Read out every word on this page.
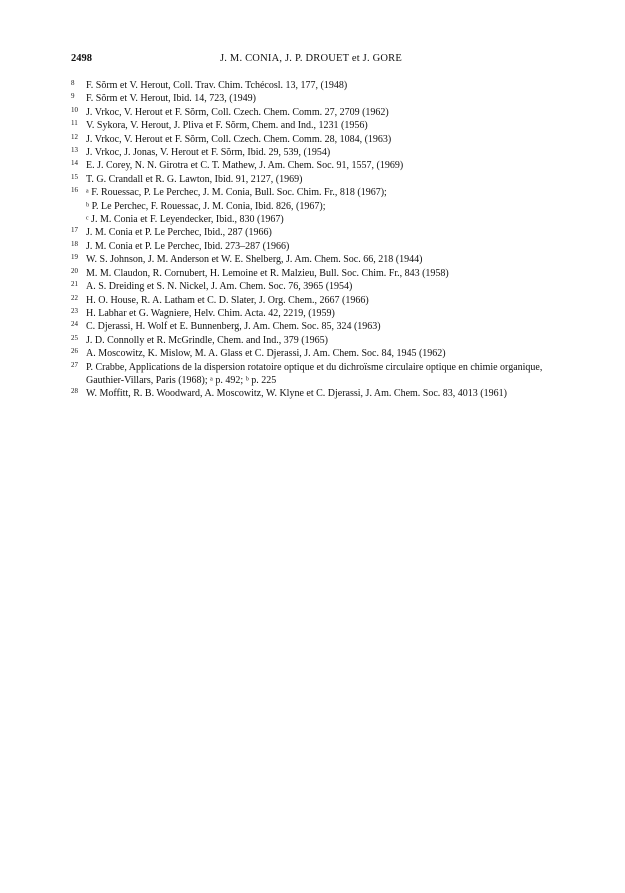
2498	J. M. CONIA, J. P. DROUET et J. GORE
8	F. Sŏrm et V. Herout, Coll. Trav. Chim. Tchécosl. 13, 177, (1948)
9	F. Sŏrm et V. Herout, Ibid. 14, 723, (1949)
10 J. Vrkoc, V. Herout et F. Sŏrm, Coll. Czech. Chem. Comm. 27, 2709 (1962)
11 V. Sykora, V. Herout, J. Pliva et F. Sŏrm, Chem. and Ind., 1231 (1956)
12 J. Vrkoc, V. Herout et F. Sŏrm, Coll. Czech. Chem. Comm. 28, 1084, (1963)
13 J. Vrkoc, J. Jonas, V. Herout et F. Sŏrm, Ibid. 29, 539, (1954)
14 E. J. Corey, N. N. Girotra et C. T. Mathew, J. Am. Chem. Soc. 91, 1557, (1969)
15 T. G. Crandall et R. G. Lawton, Ibid. 91, 2127, (1969)
16 ᵃ F. Rouessac, P. Le Perchec, J. M. Conia, Bull. Soc. Chim. Fr., 818 (1967);
ᵇ P. Le Perchec, F. Rouessac, J. M. Conia, Ibid. 826, (1967);
ᶜ J. M. Conia et F. Leyendecker, Ibid., 830 (1967)
17 J. M. Conia et P. Le Perchec, Ibid., 287 (1966)
18 J. M. Conia et P. Le Perchec, Ibid. 273–287 (1966)
19 W. S. Johnson, J. M. Anderson et W. E. Shelberg, J. Am. Chem. Soc. 66, 218 (1944)
20 M. M. Claudon, R. Cornubert, H. Lemoine et R. Malzieu, Bull. Soc. Chim. Fr., 843 (1958)
21 A. S. Dreiding et S. N. Nickel, J. Am. Chem. Soc. 76, 3965 (1954)
22 H. O. House, R. A. Latham et C. D. Slater, J. Org. Chem., 2667 (1966)
23 H. Labhar et G. Wagniere, Helv. Chim. Acta. 42, 2219, (1959)
24 C. Djerassi, H. Wolf et E. Bunnenberg, J. Am. Chem. Soc. 85, 324 (1963)
25 J. D. Connolly et R. McGrindle, Chem. and Ind., 379 (1965)
26 A. Moscowitz, K. Mislow, M. A. Glass et C. Djerassi, J. Am. Chem. Soc. 84, 1945 (1962)
27 P. Crabbe, Applications de la dispersion rotatoire optique et du dichroïsme circulaire optique en chimie organique, Gauthier-Villars, Paris (1968); ᵃ p. 492; ᵇ p. 225
28 W. Moffitt, R. B. Woodward, A. Moscowitz, W. Klyne et C. Djerassi, J. Am. Chem. Soc. 83, 4013 (1961)
